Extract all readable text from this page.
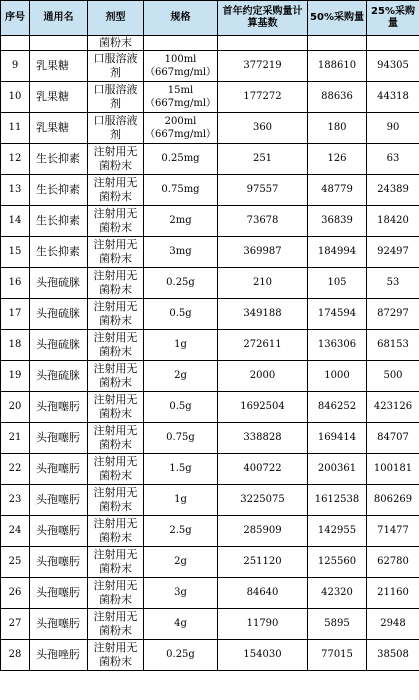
序号	通用名	剂型	规格	首年约定采购量计算基数	50%采购量	25%采购量
		菌粉末				
9	乳果糖	口服溶液剂	100ml（667mg/ml）	377219	188610	94305
10	乳果糖	口服溶液剂	15ml（667mg/ml）	177272	88636	44318
11	乳果糖	口服溶液剂	200ml（667mg/ml）	360	180	90
12	生长抑素	注射用无菌粉末	0.25mg	251	126	63
13	生长抑素	注射用无菌粉末	0.75mg	97557	48779	24389
14	生长抑素	注射用无菌粉末	2mg	73678	36839	18420
15	生长抑素	注射用无菌粉末	3mg	369987	184994	92497
16	头孢硫脒	注射用无菌粉末	0.25g	210	105	53
17	头孢硫脒	注射用无菌粉末	0.5g	349188	174594	87297
18	头孢硫脒	注射用无菌粉末	1g	272611	136306	68153
19	头孢硫脒	注射用无菌粉末	2g	2000	1000	500
20	头孢噻肟	注射用无菌粉末	0.5g	1692504	846252	423126
21	头孢噻肟	注射用无菌粉末	0.75g	338828	169414	84707
22	头孢噻肟	注射用无菌粉末	1.5g	400722	200361	100181
23	头孢噻肟	注射用无菌粉末	1g	3225075	1612538	806269
24	头孢噻肟	注射用无菌粉末	2.5g	285909	142955	71477
25	头孢噻肟	注射用无菌粉末	2g	251120	125560	62780
26	头孢噻肟	注射用无菌粉末	3g	84640	42320	21160
27	头孢噻肟	注射用无菌粉末	4g	11790	5895	2948
28	头孢唑肟	注射用无菌粉末	0.25g	154030	77015	38508
